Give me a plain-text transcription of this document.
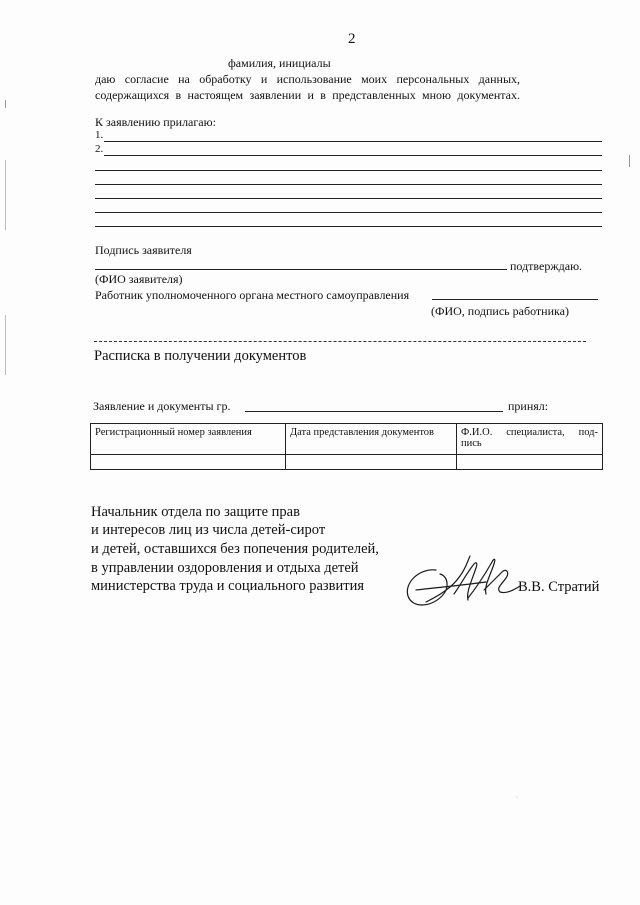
2
фамилия, инициалы
даю согласие на обработку и использование моих персональных данных,
содержащихся в настоящем заявлении и в представленных мною документах.
К заявлению прилагаю:
1.
2.
Подпись заявителя
подтверждаю.
(ФИО заявителя)
Работник уполномоченного органа местного самоуправления
(ФИО, подпись работника)
Расписка в получении документов
Заявление и документы гр.	принял:
Регистрационный номер заявления	Дата представления документов	Ф.И.О. специалиста, под-
пись

Начальник отдела по защите прав
и интересов лиц из числа детей-сирот
и детей, оставшихся без попечения родителей,
в управлении оздоровления и отдыха детей
министерства труда и социального развития	В.В. Стратий
·
